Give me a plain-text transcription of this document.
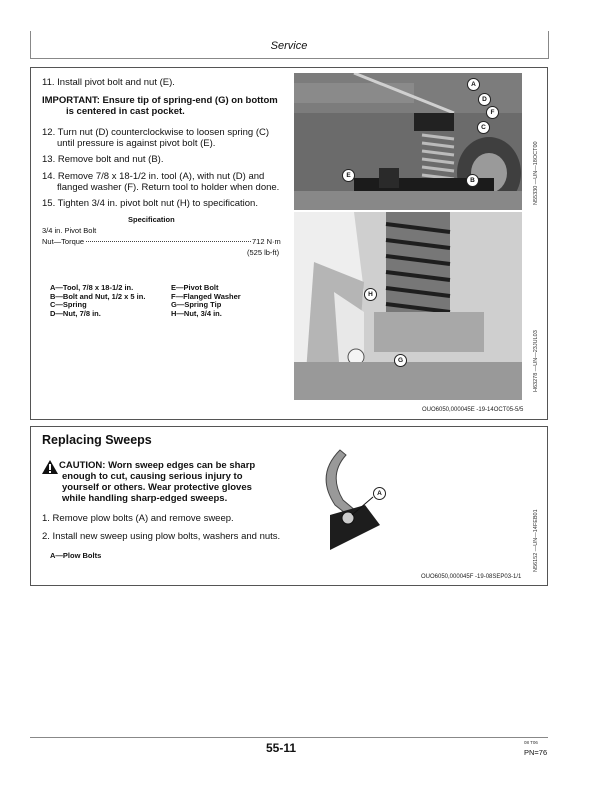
Service
11. Install pivot bolt and nut (E).
IMPORTANT: Ensure tip of spring-end (G) on bottom
is centered in cast pocket.
12. Turn nut (D) counterclockwise to loosen spring (C)
until pressure is against pivot bolt (E).
13. Remove bolt and nut (B).
14. Remove 7/8 x 18-1/2 in. tool (A), with nut (D) and
flanged washer (F). Return tool to holder when done.
15. Tighten 3/4 in. pivot bolt nut (H) to specification.
Specification
3/4 in. Pivot Bolt
Nut—Torque	712 N·m
(525 lb-ft)
A—Tool, 7/8 x 18-1/2 in.
B—Bolt and Nut, 1/2 x 5 in.
C—Spring
D—Nut, 7/8 in.
E—Pivot Bolt
F—Flanged Washer
G—Spring Tip
H—Nut, 3/4 in.
A
D
F
C
E
B	N55330 —UN—18OCT00
H
G	H63278 —UN—23JUL03
OUO6050,000045E -19-14OCT05-5/5
Replacing Sweeps
CAUTION: Worn sweep edges can be sharp
enough to cut, causing serious injury to
yourself or others. Wear protective gloves
while handling sharp-edged sweeps.
1. Remove plow bolts (A) and remove sweep.
2. Install new sweep using plow bolts, washers and nuts.
A—Plow Bolts
A
N56152 —UN—14FEB01
OUO6050,000045F -19-08SEP03-1/1
55-11	08 T06
PN=76
